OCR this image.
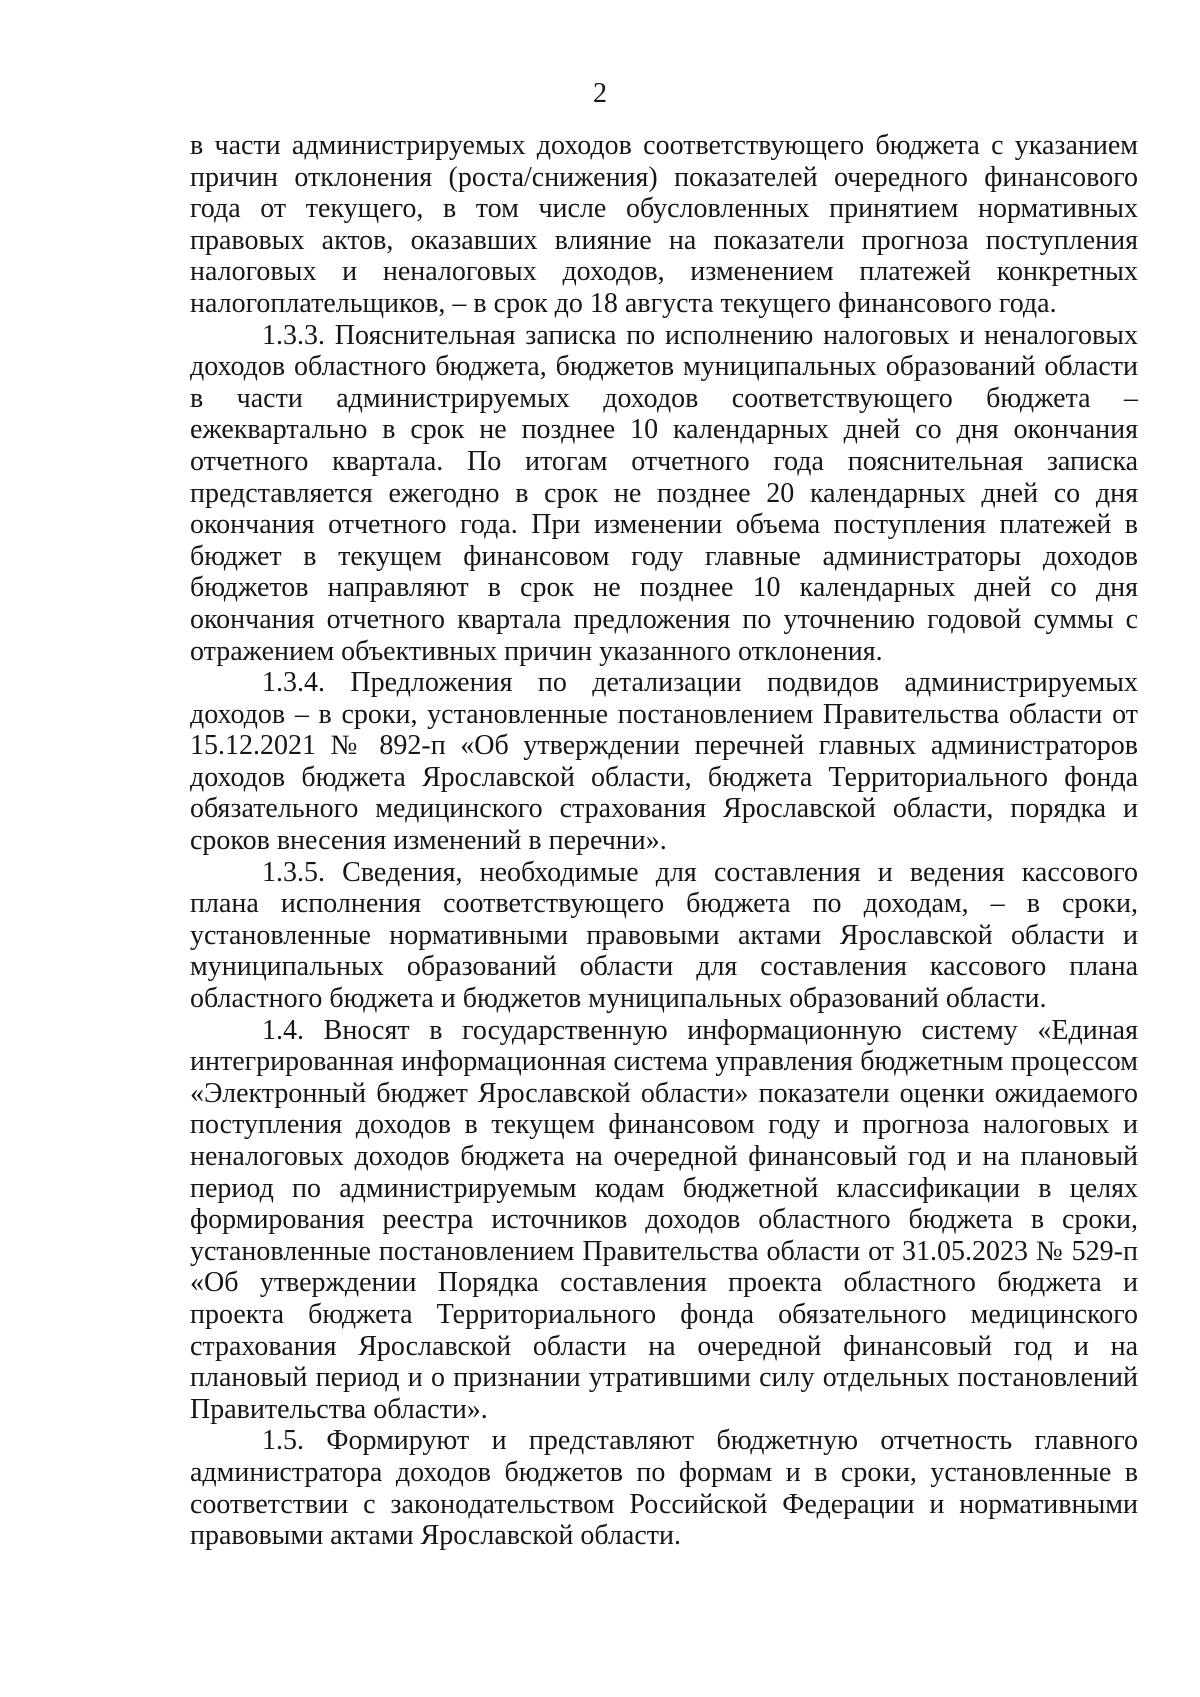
2

в части администрируемых доходов соответствующего бюджета с указанием причин отклонения (роста/снижения) показателей очередного финансового года от текущего, в том числе обусловленных принятием нормативных правовых актов, оказавших влияние на показатели прогноза поступления налоговых и неналоговых доходов, изменением платежей конкретных налогоплательщиков, – в срок до 18 августа текущего финансового года.

1.3.3. Пояснительная записка по исполнению налоговых и неналоговых доходов областного бюджета, бюджетов муниципальных образований области в части администрируемых доходов соответствующего бюджета – ежеквартально в срок не позднее 10 календарных дней со дня окончания отчетного квартала. По итогам отчетного года пояснительная записка представляется ежегодно в срок не позднее 20 календарных дней со дня окончания отчетного года. При изменении объема поступления платежей в бюджет в текущем финансовом году главные администраторы доходов бюджетов направляют в срок не позднее 10 календарных дней со дня окончания отчетного квартала предложения по уточнению годовой суммы с отражением объективных причин указанного отклонения.

1.3.4. Предложения по детализации подвидов администрируемых доходов – в сроки, установленные постановлением Правительства области от 15.12.2021 № 892-п «Об утверждении перечней главных администраторов доходов бюджета Ярославской области, бюджета Территориального фонда обязательного медицинского страхования Ярославской области, порядка и сроков внесения изменений в перечни».

1.3.5. Сведения, необходимые для составления и ведения кассового плана исполнения соответствующего бюджета по доходам, – в сроки, установленные нормативными правовыми актами Ярославской области и муниципальных образований области для составления кассового плана областного бюджета и бюджетов муниципальных образований области.

1.4. Вносят в государственную информационную систему «Единая интегрированная информационная система управления бюджетным процессом «Электронный бюджет Ярославской области» показатели оценки ожидаемого поступления доходов в текущем финансовом году и прогноза налоговых и неналоговых доходов бюджета на очередной финансовый год и на плановый период по администрируемым кодам бюджетной классификации в целях формирования реестра источников доходов областного бюджета в сроки, установленные постановлением Правительства области от 31.05.2023 № 529-п «Об утверждении Порядка составления проекта областного бюджета и проекта бюджета Территориального фонда обязательного медицинского страхования Ярославской области на очередной финансовый год и на плановый период и о признании утратившими силу отдельных постановлений Правительства области».

1.5. Формируют и представляют бюджетную отчетность главного администратора доходов бюджетов по формам и в сроки, установленные в соответствии с законодательством Российской Федерации и нормативными правовыми актами Ярославской области.
